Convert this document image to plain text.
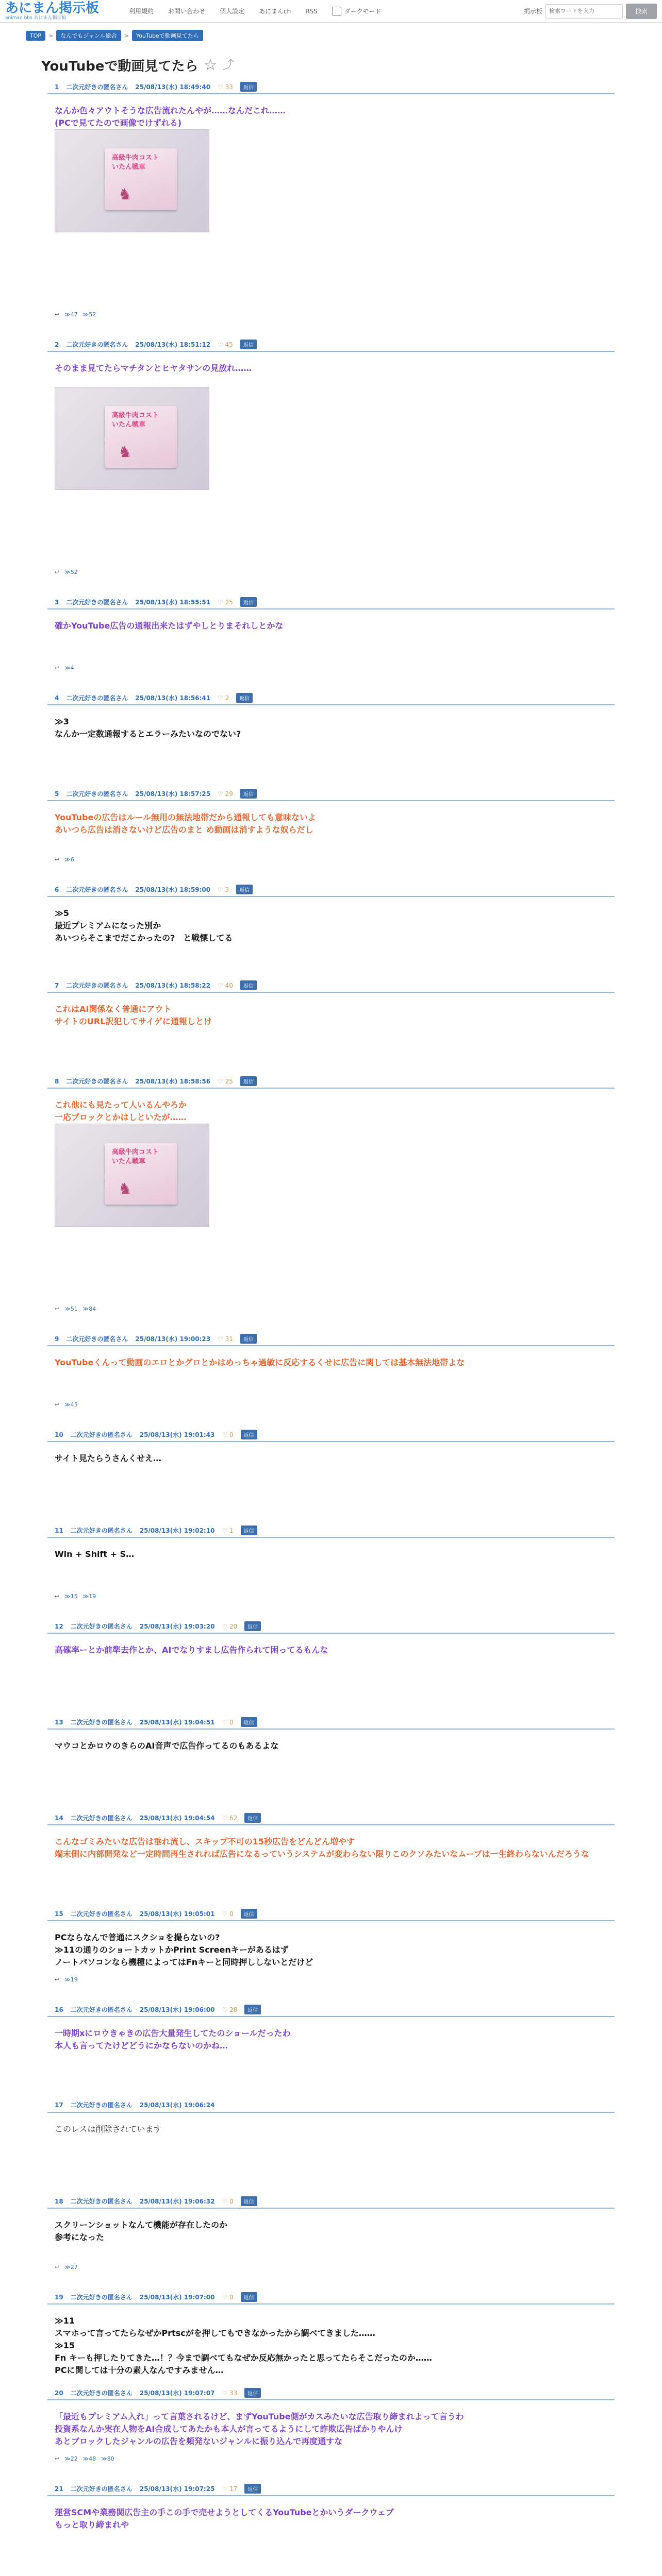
あにまん掲示板
animan bbs あにまん掲示板
利用規約 お問い合わせ 個人設定 あにまんch RSS	ダークモード	掲示板
検索ワードを入力	検索
TOP	>	なんでもジャンル総合	>	YouTubeで動画見てたら
YouTubeで動画見てたら ☆ ⤴
1 二次元好きの匿名さん 25/08/13(水) 18:49:40 ♡ 33	返信
なんか色々アウトそうな広告流れたんやが……なんだこれ……
(PCで見てたので画像でけずれる)
高級牛肉コスト
いたん戦車
♞
↩ ≫47 ≫52
2 二次元好きの匿名さん 25/08/13(水) 18:51:12 ♡ 45	返信
そのまま見てたらマチタンとヒヤタサンの見放れ……
高級牛肉コスト
いたん戦車
♞
↩ ≫52
3 二次元好きの匿名さん 25/08/13(水) 18:55:51 ♡ 25	返信
確かYouTube広告の通報出来たはずやしとりまそれしとかな
↩ ≫4
4 二次元好きの匿名さん 25/08/13(水) 18:56:41 ♡ 2	返信
≫3
なんか一定数通報するとエラーみたいなのでない?
5 二次元好きの匿名さん 25/08/13(水) 18:57:25 ♡ 29	返信
YouTubeの広告はルール無用の無法地帯だから通報しても意味ないよ
あいつら広告は消さないけど広告のまと め動画は消すような奴らだし
↩ ≫6
6 二次元好きの匿名さん 25/08/13(水) 18:59:00 ♡ 3	返信
≫5
最近プレミアムになった別か
あいつらそこまでだこかったの?　と戦慄してる
7 二次元好きの匿名さん 25/08/13(水) 18:58:22 ♡ 40	返信
これはAI関係なく普通にアウト
サイトのURL訳犯してサイゲに通報しとけ
8 二次元好きの匿名さん 25/08/13(水) 18:58:56 ♡ 25	返信
これ他にも見たって人いるんやろか
一応ブロックとかはしといたが……
高級牛肉コスト
いたん戦車
♞
↩ ≫51 ≫84
9 二次元好きの匿名さん 25/08/13(水) 19:00:23 ♡ 31	返信
YouTubeくんって動画のエロとかグロとかはめっちゃ過敏に反応するくせに広告に関しては基本無法地帯よな
↩ ≫45
10 二次元好きの匿名さん 25/08/13(水) 19:01:43 ♡ 0	返信
サイト見たらうさんくせえ…
11 二次元好きの匿名さん 25/08/13(水) 19:02:10 ♡ 1	返信
Win + Shift + S…
↩ ≫15 ≫19
12 二次元好きの匿名さん 25/08/13(水) 19:03:20 ♡ 20	返信
高確率ーとか前準去作とか、AIでなりすまし広告作られて困ってるもんな
13 二次元好きの匿名さん 25/08/13(水) 19:04:51 ♡ 0	返信
マウコとかロウのきらのAI音声で広告作ってるのもあるよな
14 二次元好きの匿名さん 25/08/13(水) 19:04:54 ♡ 62	返信
こんなゴミみたいな広告は垂れ流し、スキップ不可の15秒広告をどんどん増やす
端末側に内部開発など一定時間再生されれば広告になるっていうシステムが変わらない限りこのクソみたいなムーブは一生終わらないんだろうな
15 二次元好きの匿名さん 25/08/13(水) 19:05:01 ♡ 0	返信
PCならなんで普通にスクショを撮らないの?
≫11の通りのショートカットかPrint Screenキーがあるはず
ノートパソコンなら機種によってはFnキーと同時押ししないとだけど
↩ ≫19
16 二次元好きの匿名さん 25/08/13(水) 19:06:00 ♡ 28	返信
一時期xにロウきゃきの広告大量発生してたのショールだったわ
本人も言ってたけどどうにかならないのかね…
17 二次元好きの匿名さん 25/08/13(水) 19:06:24
このレスは削除されています
18 二次元好きの匿名さん 25/08/13(水) 19:06:32 ♡ 0	返信
スクリーンショットなんて機能が存在したのか
参考になった
↩ ≫27
19 二次元好きの匿名さん 25/08/13(水) 19:07:00 ♡ 0	返信
≫11
スマホって言ってたらなぜかPrtscがを押してもできなかったから調べてきました……
≫15
Fn キーも押したりてきた…！？今まで調べてもなぜか反応無かったと思ってたらそこだったのか……
PCに関しては十分の素人なんですみません…
20 二次元好きの匿名さん 25/08/13(水) 19:07:07 ♡ 33	返信
「最近もプレミアム入れ」って言葉されるけど、まずYouTube側がカスみたいな広告取り締まれよって言うわ
投資系なんか実在人物をAI合成してあたかも本人が言ってるようにして詐欺広告ばかりやんけ
あとブロックしたジャンルの広告を頻発ないジャンルに振り込んで再度通すな
↩ ≫22 ≫48 ≫80
21 二次元好きの匿名さん 25/08/13(水) 19:07:25 ♡ 17	返信
運営SCMや業務関広告主の手この手で売せようとしてくるYouTubeとかいうダークウェブ
もっと取り締まれや
